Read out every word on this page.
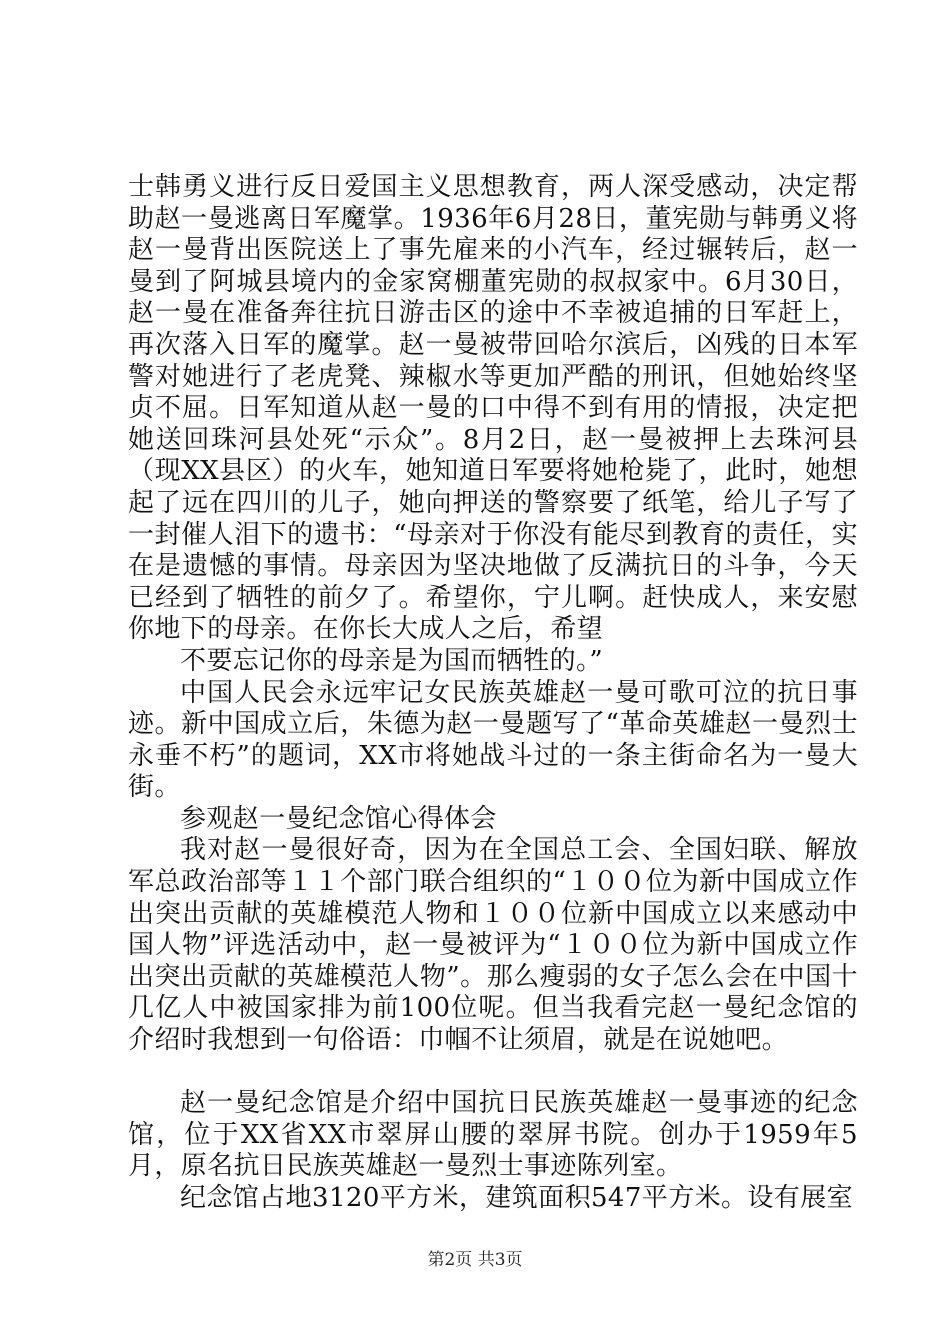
士韩勇义进行反日爱国主义思想教育，两人深受感动，决定帮助赵一曼逃离日军魔掌。1936年6月28日，董宪勋与韩勇义将赵一曼背出医院送上了事先雇来的小汽车，经过辗转后，赵一曼到了阿城县境内的金家窝棚董宪勋的叔叔家中。6月30日，赵一曼在准备奔往抗日游击区的途中不幸被追捕的日军赶上，再次落入日军的魔掌。赵一曼被带回哈尔滨后，凶残的日本军警对她进行了老虎凳、辣椒水等更加严酷的刑讯，但她始终坚贞不屈。日军知道从赵一曼的口中得不到有用的情报，决定把她送回珠河县处死“示众”。8月2日，赵一曼被押上去珠河县（现XX县区）的火车，她知道日军要将她枪毙了，此时，她想起了远在四川的儿子，她向押送的警察要了纸笔，给儿子写了一封催人泪下的遗书：“母亲对于你没有能尽到教育的责任，实在是遗憾的事情。母亲因为坚决地做了反满抗日的斗争，今天已经到了牺牲的前夕了。希望你，宁儿啊。赶快成人，来安慰你地下的母亲。在你长大成人之后，希望

不要忘记你的母亲是为国而牺牲的。”

中国人民会永远牢记女民族英雄赵一曼可歌可泣的抗日事迹。新中国成立后，朱德为赵一曼题写了“革命英雄赵一曼烈士永垂不朽”的题词，XX市将她战斗过的一条主街命名为一曼大街。

参观赵一曼纪念馆心得体会

我对赵一曼很好奇，因为在全国总工会、全国妇联、解放军总政治部等１１个部门联合组织的“１００位为新中国成立作出突出贡献的英雄模范人物和１００位新中国成立以来感动中国人物”评选活动中，赵一曼被评为“１００位为新中国成立作出突出贡献的英雄模范人物”。那么瘦弱的女子怎么会在中国十几亿人中被国家排为前100位呢。但当我看完赵一曼纪念馆的介绍时我想到一句俗语：巾帼不让须眉，就是在说她吧。

赵一曼纪念馆是介绍中国抗日民族英雄赵一曼事迹的纪念馆，位于XX省XX市翠屏山腰的翠屏书院。创办于1959年5月，原名抗日民族英雄赵一曼烈士事迹陈列室。

纪念馆占地3120平方米，建筑面积547平方米。设有展室

第2页 共3页
